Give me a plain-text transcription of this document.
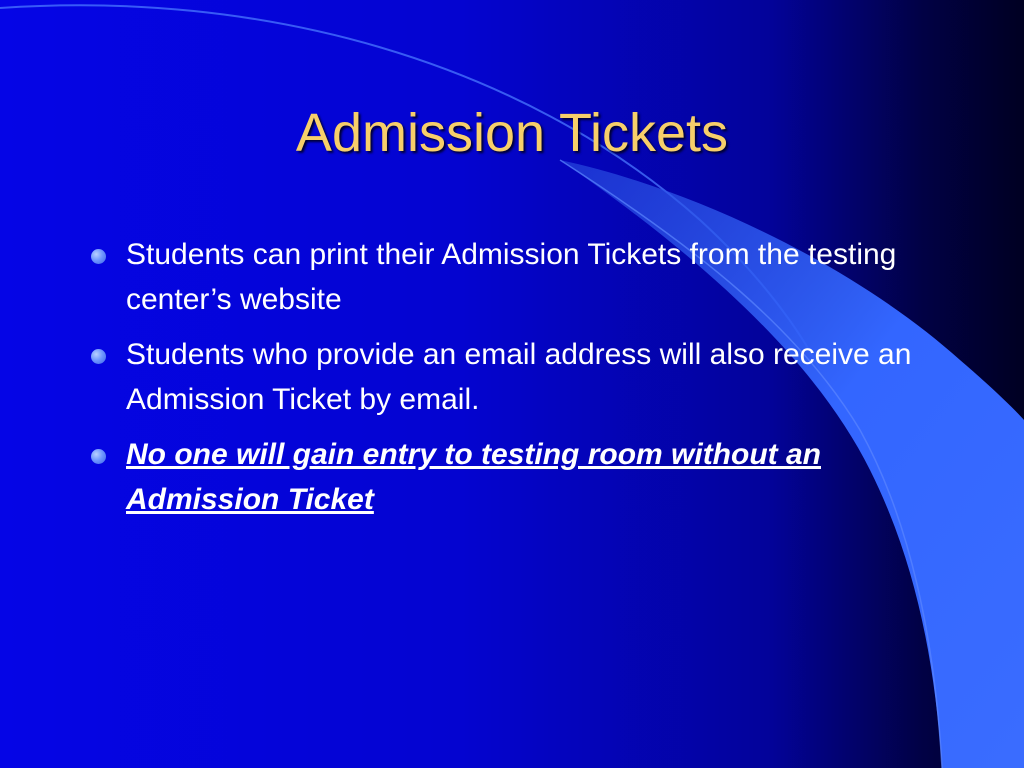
Admission Tickets
Students can print their Admission Tickets from the testing center’s website
Students who provide an email address will also receive an Admission Ticket by email.
No one will gain entry to testing room without an Admission Ticket
